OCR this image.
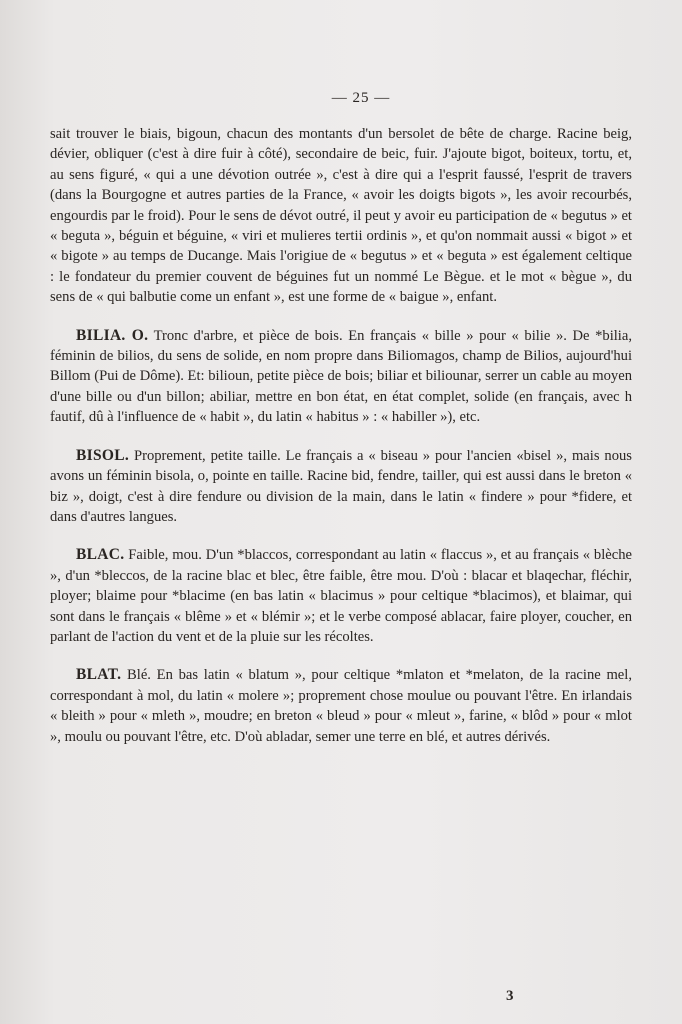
— 25 —

sait trouver le biais, bigoun, chacun des montants d'un bersolet de bête de charge. Racine beig, dévier, obliquer (c'est à dire fuir à côté), secondaire de beic, fuir. J'ajoute bigot, boiteux, tortu, et, au sens figuré, « qui a une dévotion outrée », c'est à dire qui a l'esprit faussé, l'esprit de travers (dans la Bourgogne et autres parties de la France, « avoir les doigts bigots », les avoir recourbés, engourdis par le froid). Pour le sens de dévot outré, il peut y avoir eu participation de « begutus » et « beguta », béguin et béguine, « viri et mulieres tertii ordinis », et qu'on nommait aussi « bigot » et « bigote » au temps de Ducange. Mais l'origiue de « begutus » et « beguta » est également celtique : le fondateur du premier couvent de béguines fut un nommé Le Bègue. et le mot « bègue », du sens de « qui balbutie come un enfant », est une forme de « baigue », enfant.

BILIA. O. Tronc d'arbre, et pièce de bois. En français « bille » pour « bilie ». De *bilia, féminin de bilios, du sens de solide, en nom propre dans Biliomagos, champ de Bilios, aujourd'hui Billom (Pui de Dôme). Et: bilioun, petite pièce de bois; biliar et biliounar, serrer un cable au moyen d'une bille ou d'un billon; abiliar, mettre en bon état, en état complet, solide (en français, avec h fautif, dû à l'influence de « habit », du latin « habitus » : « habiller »), etc.

BISOL. Proprement, petite taille. Le français a « biseau » pour l'ancien «bisel », mais nous avons un féminin bisola, o, pointe en taille. Racine bid, fendre, tailler, qui est aussi dans le breton « biz », doigt, c'est à dire fendure ou division de la main, dans le latin « findere » pour *fidere, et dans d'autres langues.

BLAC. Faible, mou. D'un *blaccos, correspondant au latin « flaccus », et au français « blèche », d'un *bleccos, de la racine blac et blec, être faible, être mou. D'où : blacar et blaqechar, fléchir, ployer; blaime pour *blacime (en bas latin « blacimus » pour celtique *blacimos), et blaimar, qui sont dans le français « blême » et « blémir »; et le verbe composé ablacar, faire ployer, coucher, en parlant de l'action du vent et de la pluie sur les récoltes.

BLAT. Blé. En bas latin « blatum », pour celtique *mlaton et *melaton, de la racine mel, correspondant à mol, du latin « molere »; proprement chose moulue ou pouvant l'être. En irlandais « bleith » pour « mleth », moudre; en breton « bleud » pour « mleut », farine, « blôd » pour « mlot », moulu ou pouvant l'être, etc. D'où abladar, semer une terre en blé, et autres dérivés.

3
